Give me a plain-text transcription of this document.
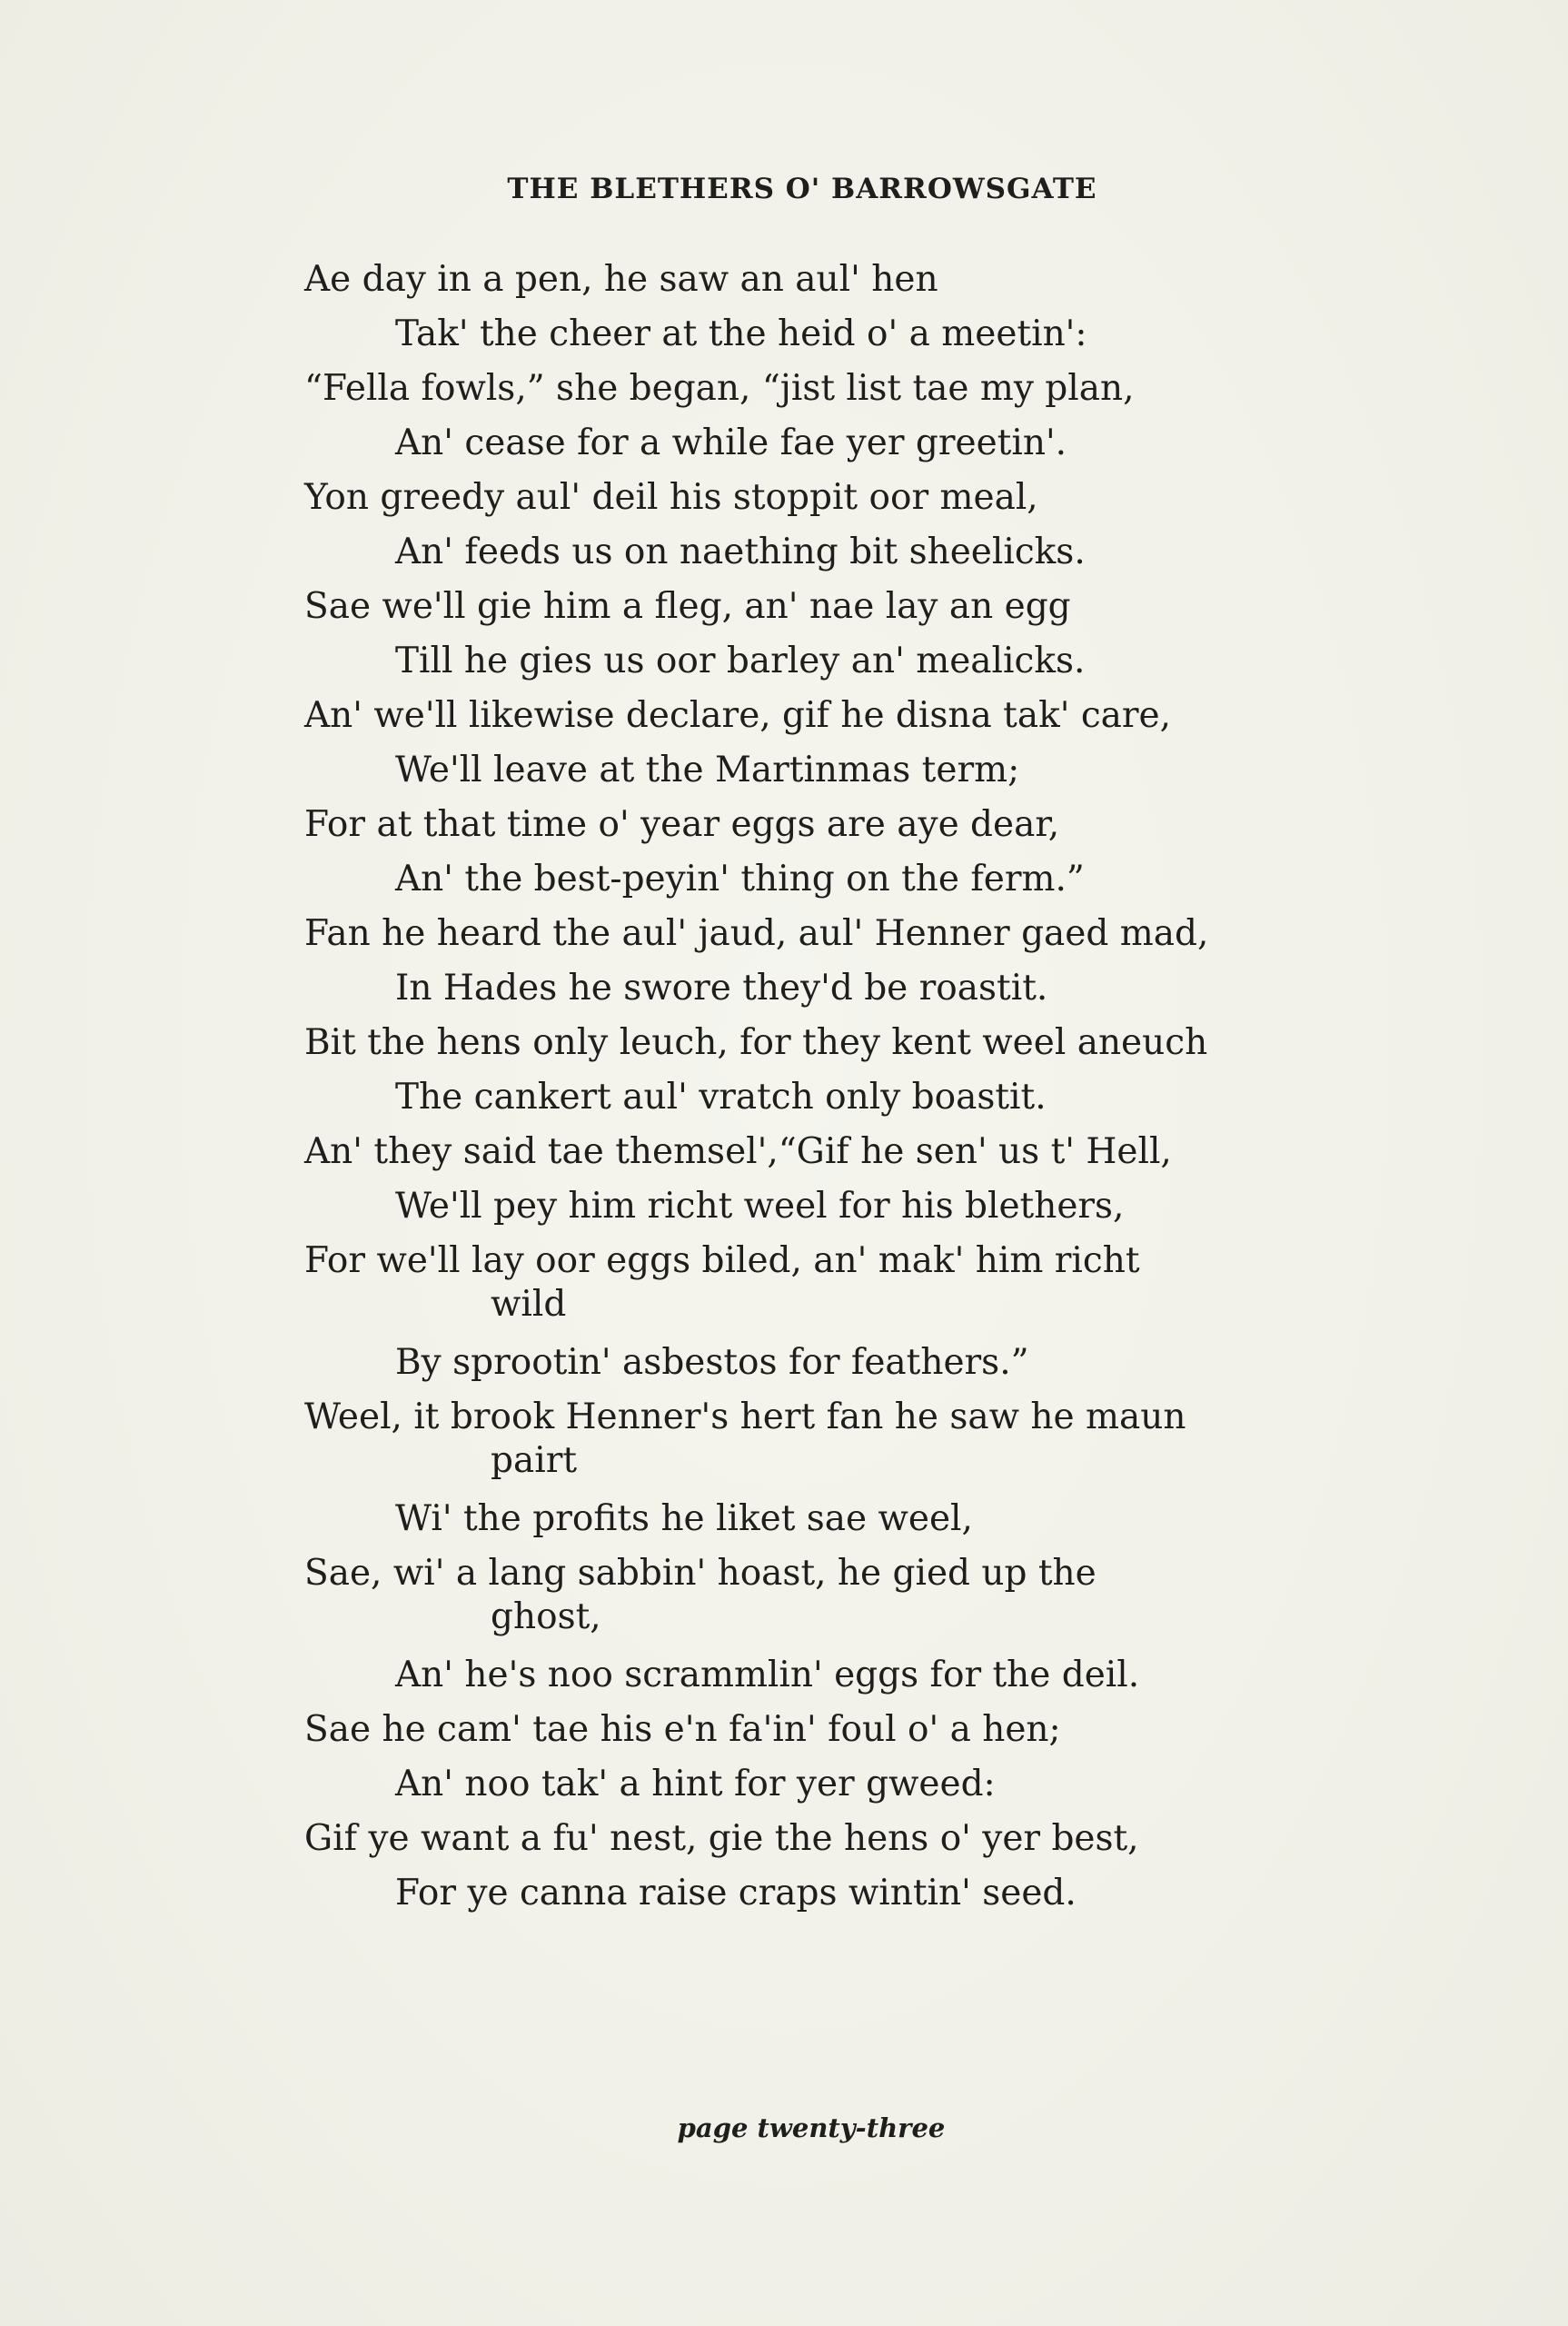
THE BLETHERS O' BARROWSGATE
Ae day in a pen, he saw an aul' hen
Tak' the cheer at the heid o' a meetin':
“Fella fowls,” she began, “jist list tae my plan,
An' cease for a while fae yer greetin'.
Yon greedy aul' deil his stoppit oor meal,
An' feeds us on naething bit sheelicks.
Sae we'll gie him a fleg, an' nae lay an egg
Till he gies us oor barley an' mealicks.
An' we'll likewise declare, gif he disna tak' care,
We'll leave at the Martinmas term;
For at that time o' year eggs are aye dear,
An' the best-peyin' thing on the ferm.”
Fan he heard the aul' jaud, aul' Henner gaed mad,
In Hades he swore they'd be roastit.
Bit the hens only leuch, for they kent weel aneuch
The cankert aul' vratch only boastit.
An' they said tae themsel',“Gif he sen' us t' Hell,
We'll pey him richt weel for his blethers,
For we'll lay oor eggs biled, an' mak' him richt
wild
By sprootin' asbestos for feathers.”
Weel, it brook Henner's hert fan he saw he maun
pairt
Wi' the profits he liket sae weel,
Sae, wi' a lang sabbin' hoast, he gied up the
ghost,
An' he's noo scrammlin' eggs for the deil.
Sae he cam' tae his e'n fa'in' foul o' a hen;
An' noo tak' a hint for yer gweed:
Gif ye want a fu' nest, gie the hens o' yer best,
For ye canna raise craps wintin' seed.
page twenty-three
